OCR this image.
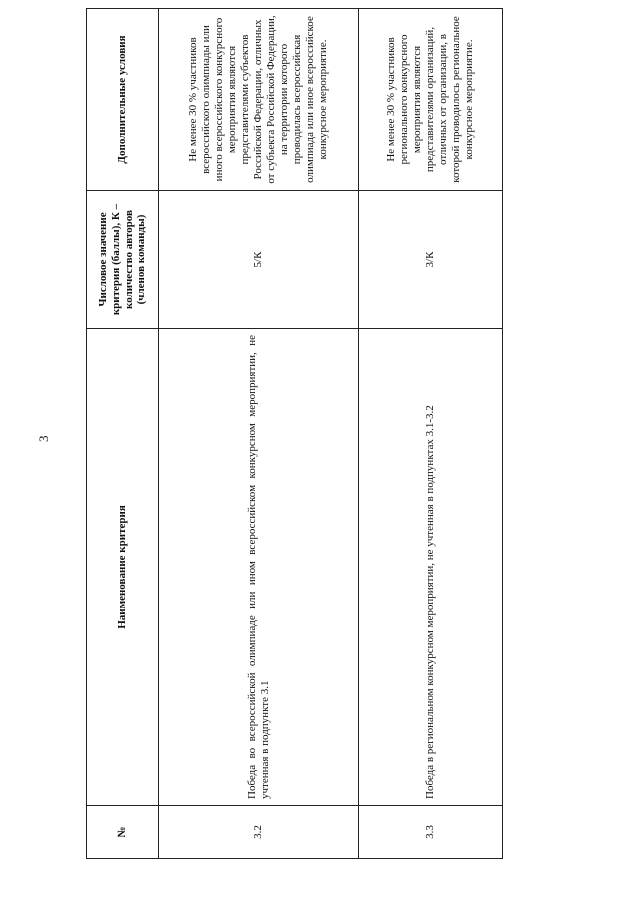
3
№	Наименование критерия	Числовое значение критерия (баллы), К – количество авторов (членов команды)	Дополнительные условия
3.2	Победа во всероссийской олимпиаде или ином всероссийском конкурсном мероприятии, не учтенная в подпункте 3.1	5/К	Не менее 30 % участников всероссийского олимпиады или иного всероссийского конкурсного мероприятия являются представителями субъектов Российской Федерации, отличных от субъекта Российской Федерации, на территории которого проводилась всероссийская олимпиада или иное всероссийское конкурсное мероприятие.
3.3	Победа в региональном конкурсном мероприятии, не учтенная в подпунктах 3.1-3.2	3/К	Не менее 30 % участников регионального конкурсного мероприятия являются представителями организаций, отличных от организации, в которой проводилось региональное конкурсное мероприятие.
